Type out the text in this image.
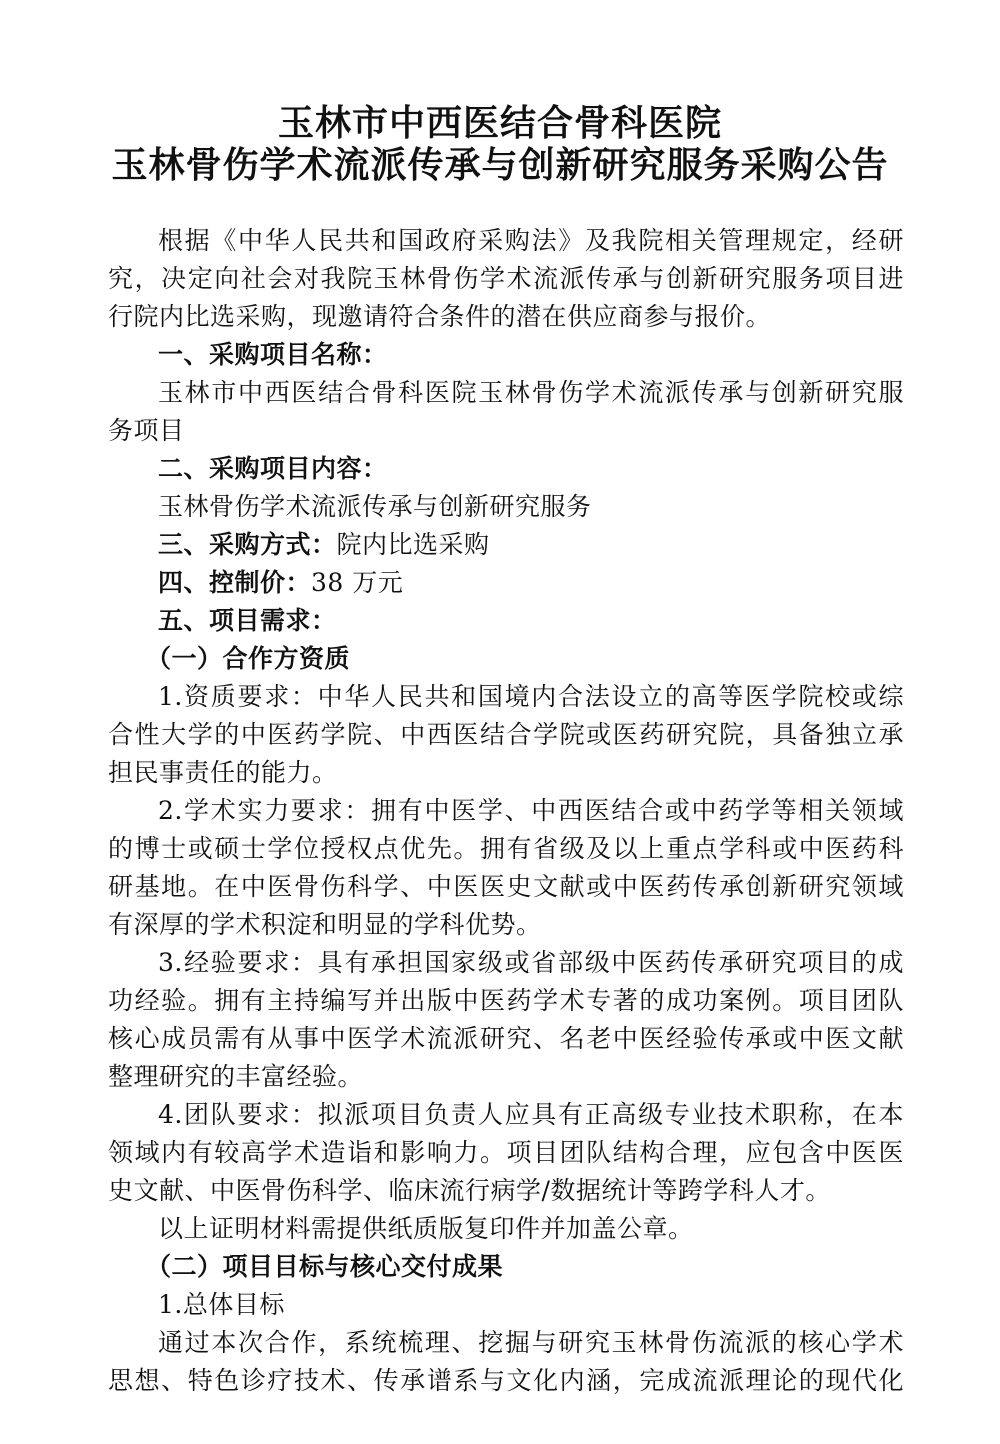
玉林市中西医结合骨科医院
玉林骨伤学术流派传承与创新研究服务采购公告
根据《中华人民共和国政府采购法》及我院相关管理规定，经研
究，决定向社会对我院玉林骨伤学术流派传承与创新研究服务项目进
行院内比选采购，现邀请符合条件的潜在供应商参与报价。
一、采购项目名称：
玉林市中西医结合骨科医院玉林骨伤学术流派传承与创新研究服
务项目
二、采购项目内容：
玉林骨伤学术流派传承与创新研究服务
三、采购方式：院内比选采购
四、控制价：38 万元
五、项目需求：
（一）合作方资质
1.资质要求：中华人民共和国境内合法设立的高等医学院校或综
合性大学的中医药学院、中西医结合学院或医药研究院，具备独立承
担民事责任的能力。
2.学术实力要求：拥有中医学、中西医结合或中药学等相关领域
的博士或硕士学位授权点优先。拥有省级及以上重点学科或中医药科
研基地。在中医骨伤科学、中医医史文献或中医药传承创新研究领域
有深厚的学术积淀和明显的学科优势。
3.经验要求：具有承担国家级或省部级中医药传承研究项目的成
功经验。拥有主持编写并出版中医药学术专著的成功案例。项目团队
核心成员需有从事中医学术流派研究、名老中医经验传承或中医文献
整理研究的丰富经验。
4.团队要求：拟派项目负责人应具有正高级专业技术职称，在本
领域内有较高学术造诣和影响力。项目团队结构合理，应包含中医医
史文献、中医骨伤科学、临床流行病学/数据统计等跨学科人才。
以上证明材料需提供纸质版复印件并加盖公章。
（二）项目目标与核心交付成果
1.总体目标
通过本次合作，系统梳理、挖掘与研究玉林骨伤流派的核心学术
思想、特色诊疗技术、传承谱系与文化内涵，完成流派理论的现代化
